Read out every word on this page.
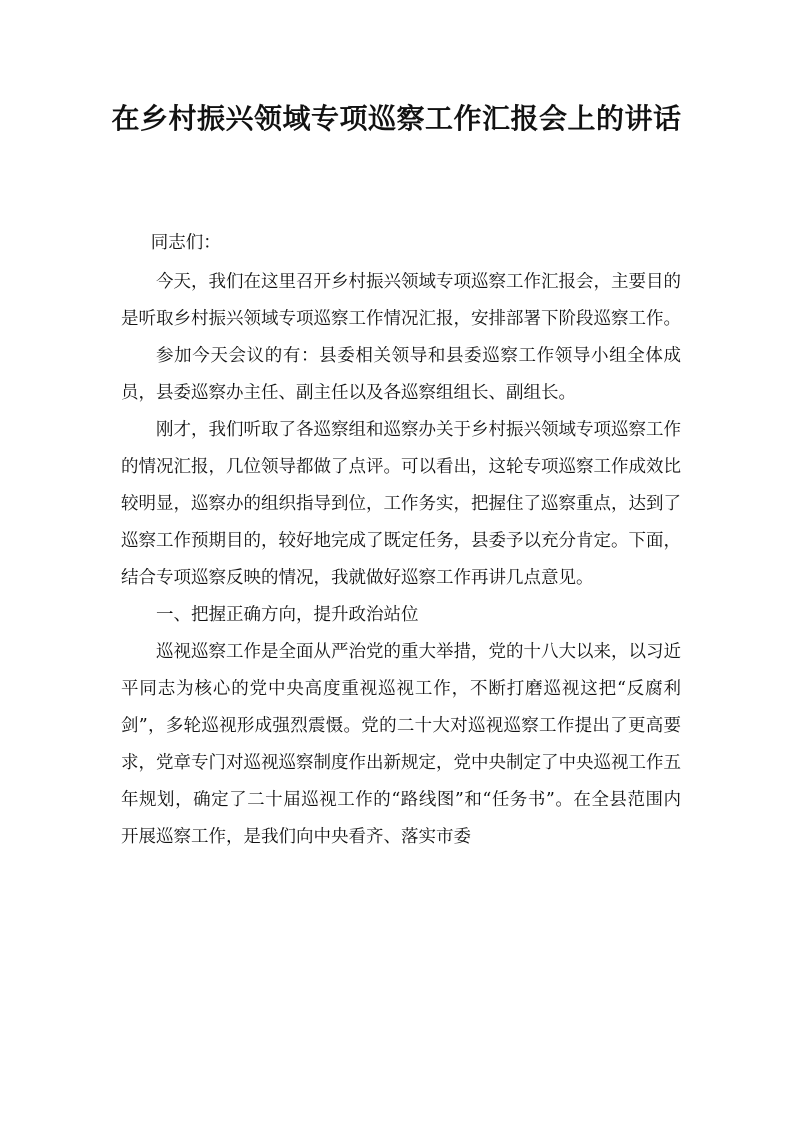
在乡村振兴领域专项巡察工作汇报会上的讲话

同志们：

今天，我们在这里召开乡村振兴领域专项巡察工作汇报会，主要目的是听取乡村振兴领域专项巡察工作情况汇报，安排部署下阶段巡察工作。

参加今天会议的有：县委相关领导和县委巡察工作领导小组全体成员，县委巡察办主任、副主任以及各巡察组组长、副组长。

刚才，我们听取了各巡察组和巡察办关于乡村振兴领域专项巡察工作的情况汇报，几位领导都做了点评。可以看出，这轮专项巡察工作成效比较明显，巡察办的组织指导到位，工作务实，把握住了巡察重点，达到了巡察工作预期目的，较好地完成了既定任务，县委予以充分肯定。下面，结合专项巡察反映的情况，我就做好巡察工作再讲几点意见。

一、把握正确方向，提升政治站位

巡视巡察工作是全面从严治党的重大举措，党的十八大以来，以习近平同志为核心的党中央高度重视巡视工作，不断打磨巡视这把“反腐利剑”，多轮巡视形成强烈震慑。党的二十大对巡视巡察工作提出了更高要求，党章专门对巡视巡察制度作出新规定，党中央制定了中央巡视工作五年规划，确定了二十届巡视工作的“路线图”和“任务书”。在全县范围内开展巡察工作，是我们向中央看齐、落实市委
